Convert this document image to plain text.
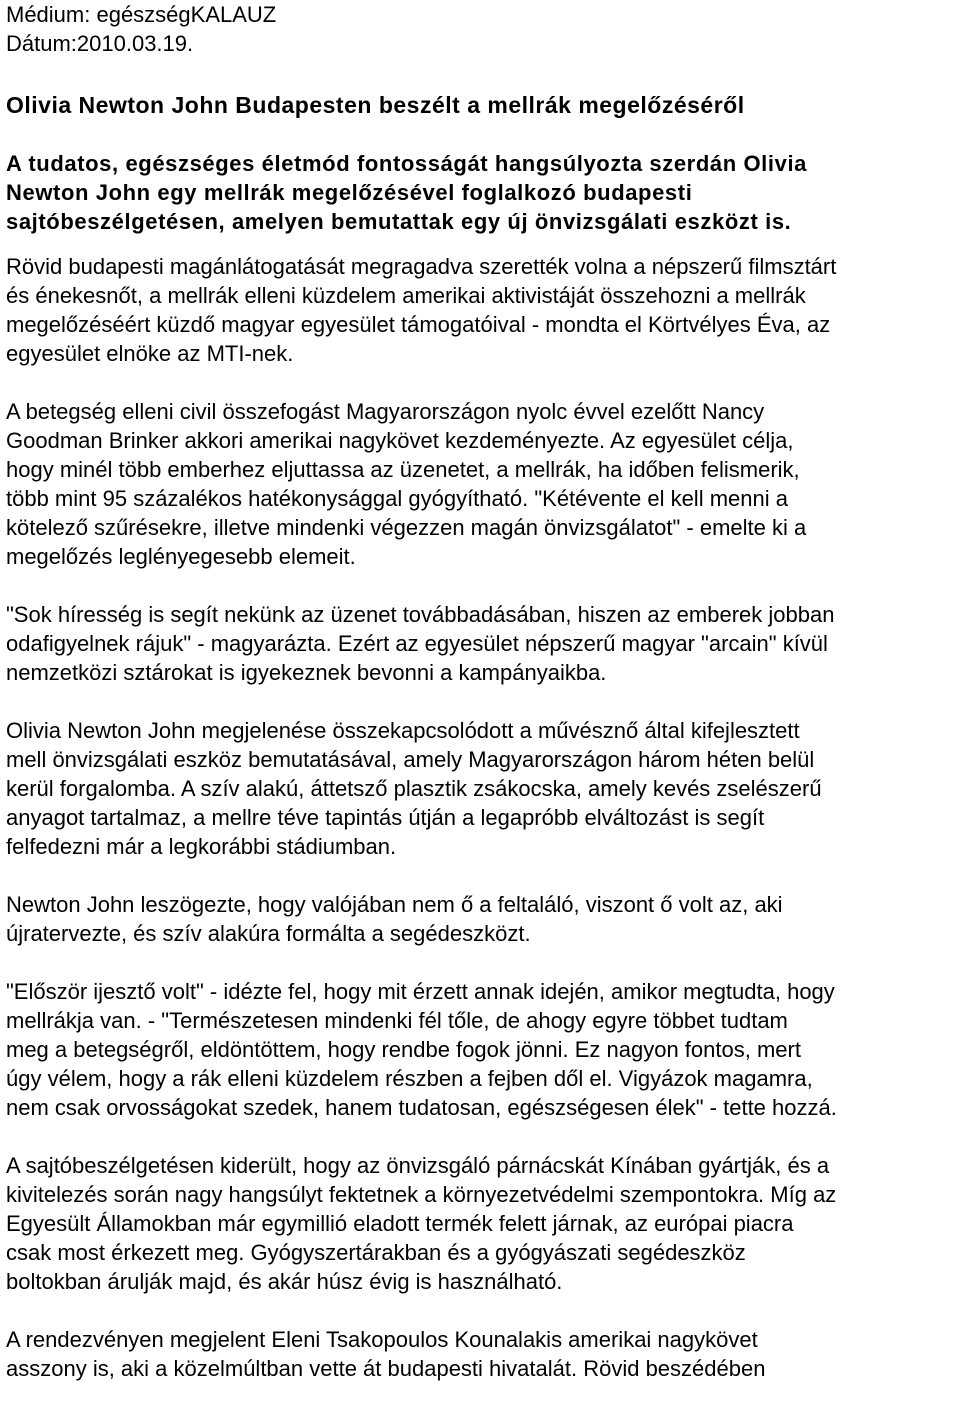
Médium: egészségKALAUZ
Dátum:2010.03.19.
Olivia Newton John Budapesten beszélt a mellrák megelőzéséről
A tudatos, egészséges életmód fontosságát hangsúlyozta szerdán Olivia
Newton John egy mellrák megelőzésével foglalkozó budapesti
sajtóbeszélgetésen, amelyen bemutattak egy új önvizsgálati eszközt is.
Rövid budapesti magánlátogatását megragadva szerették volna a népszerű filmsztárt
és énekesnőt, a mellrák elleni küzdelem amerikai aktivistáját összehozni a mellrák
megelőzéséért küzdő magyar egyesület támogatóival - mondta el Körtvélyes Éva, az
egyesület elnöke az MTI-nek.
A betegség elleni civil összefogást Magyarországon nyolc évvel ezelőtt Nancy
Goodman Brinker akkori amerikai nagykövet kezdeményezte. Az egyesület célja,
hogy minél több emberhez eljuttassa az üzenetet, a mellrák, ha időben felismerik,
több mint 95 százalékos hatékonysággal gyógyítható. "Kétévente el kell menni a
kötelező szűrésekre, illetve mindenki végezzen magán önvizsgálatot" - emelte ki a
megelőzés leglényegesebb elemeit.
"Sok híresség is segít nekünk az üzenet továbbadásában, hiszen az emberek jobban
odafigyelnek rájuk" - magyarázta. Ezért az egyesület népszerű magyar "arcain" kívül
nemzetközi sztárokat is igyekeznek bevonni a kampányaikba.
Olivia Newton John megjelenése összekapcsolódott a művésznő által kifejlesztett
mell önvizsgálati eszköz bemutatásával, amely Magyarországon három héten belül
kerül forgalomba. A szív alakú, áttetsző plasztik zsákocska, amely kevés zselészerű
anyagot tartalmaz, a mellre téve tapintás útján a legapróbb elváltozást is segít
felfedezni már a legkorábbi stádiumban.
Newton John leszögezte, hogy valójában nem ő a feltaláló, viszont ő volt az, aki
újratervezte, és szív alakúra formálta a segédeszközt.
"Először ijesztő volt" - idézte fel, hogy mit érzett annak idején, amikor megtudta, hogy
mellrákja van. - "Természetesen mindenki fél tőle, de ahogy egyre többet tudtam
meg a betegségről, eldöntöttem, hogy rendbe fogok jönni. Ez nagyon fontos, mert
úgy vélem, hogy a rák elleni küzdelem részben a fejben dől el. Vigyázok magamra,
nem csak orvosságokat szedek, hanem tudatosan, egészségesen élek" - tette hozzá.
A sajtóbeszélgetésen kiderült, hogy az önvizsgáló párnácskát Kínában gyártják, és a
kivitelezés során nagy hangsúlyt fektetnek a környezetvédelmi szempontokra. Míg az
Egyesült Államokban már egymillió eladott termék felett járnak, az európai piacra
csak most érkezett meg. Gyógyszertárakban és a gyógyászati segédeszköz
boltokban árulják majd, és akár húsz évig is használható.
A rendezvényen megjelent Eleni Tsakopoulos Kounalakis amerikai nagykövet
asszony is, aki a közelmúltban vette át budapesti hivatalát. Rövid beszédében
